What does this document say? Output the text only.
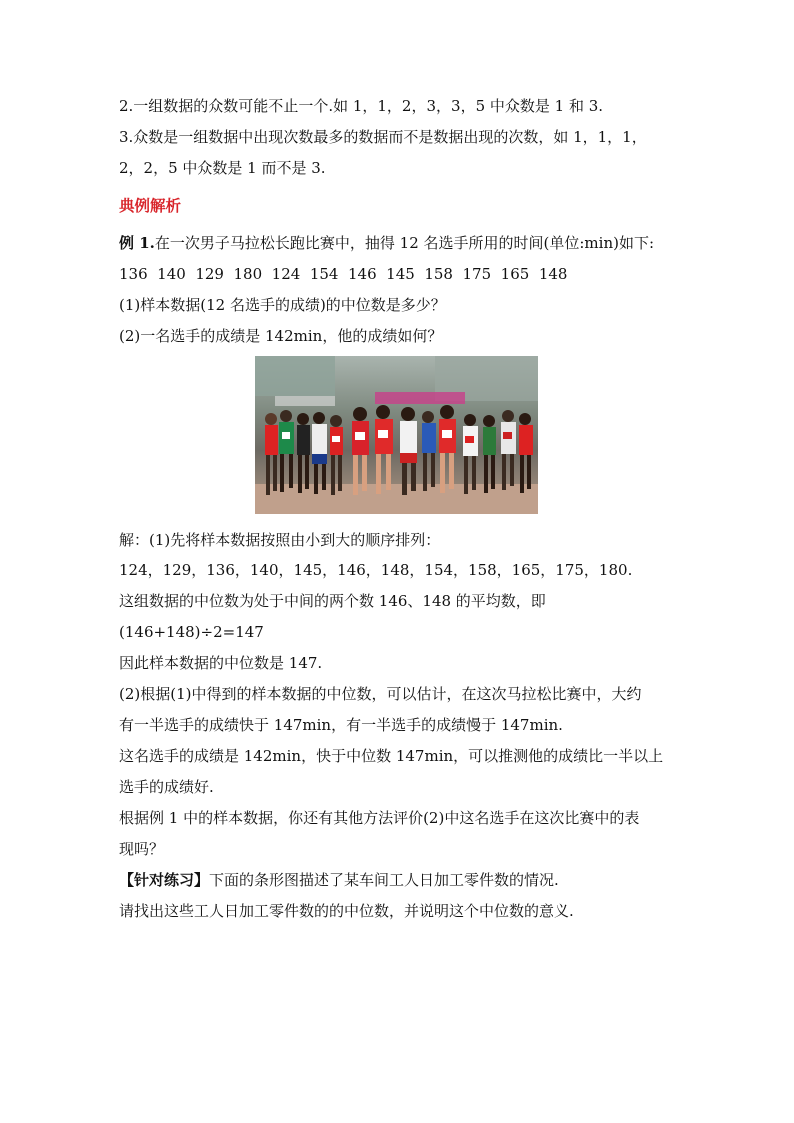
2.一组数据的众数可能不止一个.如 1，1，2，3，3，5 中众数是 1 和 3.
3.众数是一组数据中出现次数最多的数据而不是数据出现的次数，如 1，1，1，
2，2，5 中众数是 1 而不是 3.
典例解析
例 1.在一次男子马拉松长跑比赛中，抽得 12 名选手所用的时间(单位:min)如下:
136  140  129  180  124  154  146  145  158  175  165  148
(1)样本数据(12 名选手的成绩)的中位数是多少？
(2)一名选手的成绩是 142min，他的成绩如何？
解：(1)先将样本数据按照由小到大的顺序排列：
124，129，136，140，145，146，148，154，158，165，175，180.
这组数据的中位数为处于中间的两个数 146、148 的平均数，即
(146+148)÷2=147
因此样本数据的中位数是 147.
(2)根据(1)中得到的样本数据的中位数，可以估计，在这次马拉松比赛中，大约
有一半选手的成绩快于 147min，有一半选手的成绩慢于 147min.
这名选手的成绩是 142min，快于中位数 147min，可以推测他的成绩比一半以上
选手的成绩好.
根据例 1 中的样本数据，你还有其他方法评价(2)中这名选手在这次比赛中的表
现吗？
【针对练习】下面的条形图描述了某车间工人日加工零件数的情况.
请找出这些工人日加工零件数的的中位数，并说明这个中位数的意义.
